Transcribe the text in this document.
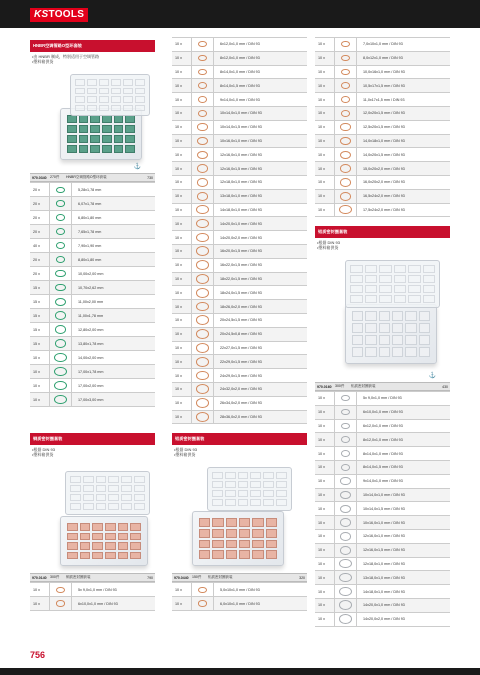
KSTOOLS
HNBR空调管路O型环套装
•由 HNBR 制成，特别适用于空调管路
•塑料箱供货
⚓
970.0340 270件	HNBR空调管路O型环套装	730
20 x	5,28x1,78 mm
20 x	6,07x1,78 mm
20 x	6,80x1,80 mm
20 x	7,65x1,78 mm
40 x	7,90x1,90 mm
20 x	8,80x1,80 mm
20 x	10,00x2,00 mm
15 x	10,70x2,62 mm
15 x	11,00x2,00 mm
15 x	11,00x1,78 mm
15 x	12,80x2,00 mm
15 x	13,80x1,78 mm
10 x	14,00x2,00 mm
10 x	17,00x1,78 mm
10 x	17,00x2,00 mm
10 x	17,00x3,00 mm
铜质密封圈套装
•根据 DIN 93
•塑料箱供货
970.0140 300件	铜质密封圈套装	790
10 x	5x 9,0x1,0 mm / DIN 93
10 x	6x10,0x1,0 mm / DIN 93
10 x	6x12,0x1,0 mm / DIN 93
10 x	8x12,0x1,0 mm / DIN 93
10 x	8x14,0x1,0 mm / DIN 93
10 x	8x14,0x1,5 mm / DIN 93
10 x	9x14,0x1,0 mm / DIN 93
10 x	10x14,0x1,0 mm / DIN 93
10 x	10x14,0x1,5 mm / DIN 93
10 x	10x16,0x1,0 mm / DIN 93
10 x	12x16,0x1,0 mm / DIN 93
10 x	12x16,0x1,5 mm / DIN 93
10 x	12x18,0x1,0 mm / DIN 93
10 x	13x18,0x1,0 mm / DIN 93
10 x	14x18,0x1,0 mm / DIN 93
10 x	14x20,0x1,0 mm / DIN 93
10 x	14x20,0x2,0 mm / DIN 93
10 x	16x20,0x1,5 mm / DIN 93
10 x	16x22,0x1,5 mm / DIN 93
10 x	18x22,0x1,5 mm / DIN 93
10 x	18x24,0x1,5 mm / DIN 93
10 x	18x26,0x2,0 mm / DIN 93
10 x	20x24,5x1,5 mm / DIN 93
10 x	20x24,5x0,8 mm / DIN 93
10 x	22x27,0x1,5 mm / DIN 93
10 x	22x29,0x1,5 mm / DIN 93
10 x	24x29,0x1,5 mm / DIN 93
10 x	24x32,0x2,0 mm / DIN 93
10 x	26x34,0x2,0 mm / DIN 93
10 x	28x36,0x2,0 mm / DIN 93
铝质密封圈套装
•根据 DIN 93
•塑料箱供货
970.0440 150件	铝质密封圈套装	320
10 x	5,0x10x1,0 mm / DIN 93
10 x	6,0x10x1,0 mm / DIN 93
10 x	7,0x10x1,0 mm / DIN 93
10 x	8,0x12x1,0 mm / DIN 93
10 x	10,0x16x1,0 mm / DIN 93
10 x	10,5x17x1,5 mm / DIN 93
10 x	11,0x17x1,5 mm / DIN 93
10 x	12,0x20x1,5 mm / DIN 93
10 x	12,5x20x1,5 mm / DIN 93
10 x	14,0x18x1,0 mm / DIN 93
10 x	14,0x20x1,5 mm / DIN 93
10 x	15,0x20x2,0 mm / DIN 93
10 x	16,0x20x2,0 mm / DIN 93
10 x	16,5x24x2,0 mm / DIN 93
10 x	17,5x24x2,0 mm / DIN 93
铝质密封圈套装
•根据 DIN 93
•塑料箱供货
⚓
970.0160 300件	铝质密封圈套装	430
10 x	5x 9,0x1,0 mm / DIN 93
10 x	6x10,0x1,0 mm / DIN 93
10 x	6x12,0x1,0 mm / DIN 93
10 x	8x12,0x1,0 mm / DIN 93
10 x	8x14,0x1,0 mm / DIN 93
10 x	8x14,0x1,5 mm / DIN 93
10 x	9x14,0x1,0 mm / DIN 93
10 x	10x14,0x1,0 mm / DIN 93
10 x	10x14,0x1,5 mm / DIN 93
10 x	10x16,0x1,0 mm / DIN 93
10 x	12x16,0x1,0 mm / DIN 93
10 x	12x16,0x1,5 mm / DIN 93
10 x	12x18,0x1,0 mm / DIN 93
10 x	13x18,0x1,0 mm / DIN 93
10 x	14x18,0x1,0 mm / DIN 93
10 x	14x20,0x1,0 mm / DIN 93
10 x	14x20,0x2,0 mm / DIN 93
756
